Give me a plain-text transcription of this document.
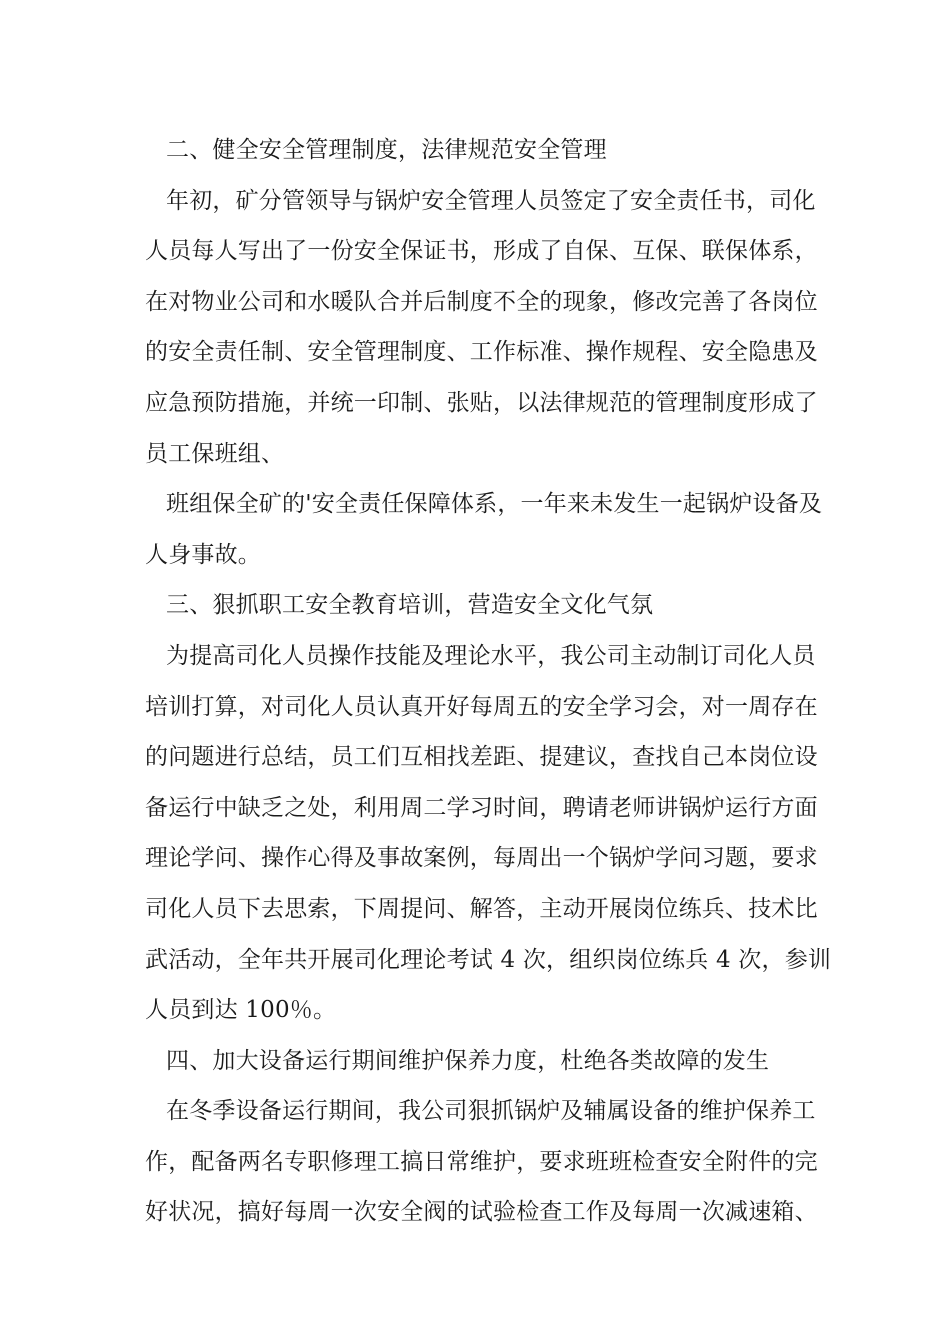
二、健全安全管理制度，法律规范安全管理
年初，矿分管领导与锅炉安全管理人员签定了安全责任书，司化
人员每人写出了一份安全保证书，形成了自保、互保、联保体系，
在对物业公司和水暖队合并后制度不全的现象，修改完善了各岗位
的安全责任制、安全管理制度、工作标准、操作规程、安全隐患及
应急预防措施，并统一印制、张贴，以法律规范的管理制度形成了
员工保班组、
班组保全矿的'安全责任保障体系，一年来未发生一起锅炉设备及
人身事故。
三、狠抓职工安全教育培训，营造安全文化气氛
为提高司化人员操作技能及理论水平，我公司主动制订司化人员
培训打算，对司化人员认真开好每周五的安全学习会，对一周存在
的问题进行总结，员工们互相找差距、提建议，查找自己本岗位设
备运行中缺乏之处，利用周二学习时间，聘请老师讲锅炉运行方面
理论学问、操作心得及事故案例，每周出一个锅炉学问习题，要求
司化人员下去思索，下周提问、解答，主动开展岗位练兵、技术比
武活动，全年共开展司化理论考试 4 次，组织岗位练兵 4 次，参训
人员到达 100％。
四、加大设备运行期间维护保养力度，杜绝各类故障的发生
在冬季设备运行期间，我公司狠抓锅炉及辅属设备的维护保养工
作，配备两名专职修理工搞日常维护，要求班班检查安全附件的完
好状况，搞好每周一次安全阀的试验检查工作及每周一次减速箱、
